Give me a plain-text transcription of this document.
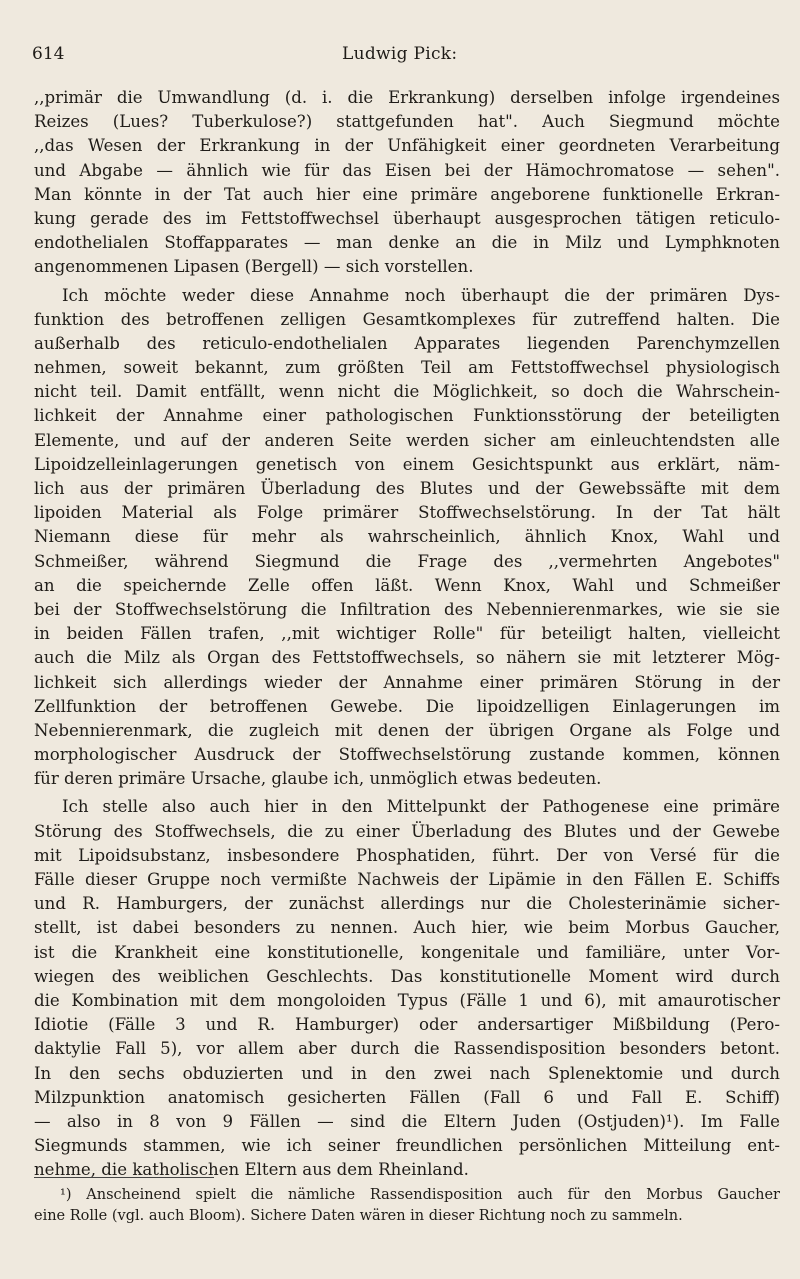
614	Ludwig Pick:
,,primär die Umwandlung (d. i. die Erkrankung) derselben infolge irgendeines
Reizes (Lues? Tuberkulose?) stattgefunden hat". Auch Siegmund möchte
,,das Wesen der Erkrankung in der Unfähigkeit einer geordneten Verarbeitung
und Abgabe — ähnlich wie für das Eisen bei der Hämochromatose — sehen".
Man könnte in der Tat auch hier eine primäre angeborene funktionelle Erkran-
kung gerade des im Fettstoffwechsel überhaupt ausgesprochen tätigen reticulo-
endothelialen Stoffapparates — man denke an die in Milz und Lymphknoten
angenommenen Lipasen (Bergell) — sich vorstellen.
Ich möchte weder diese Annahme noch überhaupt die der primären Dys-
funktion des betroffenen zelligen Gesamtkomplexes für zutreffend halten. Die
außerhalb des reticulo-endothelialen Apparates liegenden Parenchymzellen
nehmen, soweit bekannt, zum größten Teil am Fettstoffwechsel physiologisch
nicht teil. Damit entfällt, wenn nicht die Möglichkeit, so doch die Wahrschein-
lichkeit der Annahme einer pathologischen Funktionsstörung der beteiligten
Elemente, und auf der anderen Seite werden sicher am einleuchtendsten alle
Lipoidzelleinlagerungen genetisch von einem Gesichtspunkt aus erklärt, näm-
lich aus der primären Überladung des Blutes und der Gewebssäfte mit dem
lipoiden Material als Folge primärer Stoffwechselstörung. In der Tat hält
Niemann diese für mehr als wahrscheinlich, ähnlich Knox, Wahl und
Schmeißer, während Siegmund die Frage des ,,vermehrten Angebotes"
an die speichernde Zelle offen läßt. Wenn Knox, Wahl und Schmeißer
bei der Stoffwechselstörung die Infiltration des Nebennierenmarkes, wie sie sie
in beiden Fällen trafen, ,,mit wichtiger Rolle" für beteiligt halten, vielleicht
auch die Milz als Organ des Fettstoffwechsels, so nähern sie mit letzterer Mög-
lichkeit sich allerdings wieder der Annahme einer primären Störung in der
Zellfunktion der betroffenen Gewebe. Die lipoidzelligen Einlagerungen im
Nebennierenmark, die zugleich mit denen der übrigen Organe als Folge und
morphologischer Ausdruck der Stoffwechselstörung zustande kommen, können
für deren primäre Ursache, glaube ich, unmöglich etwas bedeuten.
Ich stelle also auch hier in den Mittelpunkt der Pathogenese eine primäre
Störung des Stoffwechsels, die zu einer Überladung des Blutes und der Gewebe
mit Lipoidsubstanz, insbesondere Phosphatiden, führt. Der von Versé für die
Fälle dieser Gruppe noch vermißte Nachweis der Lipämie in den Fällen E. Schiffs
und R. Hamburgers, der zunächst allerdings nur die Cholesterinämie sicher-
stellt, ist dabei besonders zu nennen. Auch hier, wie beim Morbus Gaucher,
ist die Krankheit eine konstitutionelle, kongenitale und familiäre, unter Vor-
wiegen des weiblichen Geschlechts. Das konstitutionelle Moment wird durch
die Kombination mit dem mongoloiden Typus (Fälle 1 und 6), mit amaurotischer
Idiotie (Fälle 3 und R. Hamburger) oder andersartiger Mißbildung (Pero-
daktylie Fall 5), vor allem aber durch die Rassendisposition besonders betont.
In den sechs obduzierten und in den zwei nach Splenektomie und durch
Milzpunktion anatomisch gesicherten Fällen (Fall 6 und Fall E. Schiff)
— also in 8 von 9 Fällen — sind die Eltern Juden (Ostjuden)¹). Im Falle
Siegmunds stammen, wie ich seiner freundlichen persönlichen Mitteilung ent-
nehme, die katholischen Eltern aus dem Rheinland.
¹) Anscheinend spielt die nämliche Rassendisposition auch für den Morbus Gaucher
eine Rolle (vgl. auch Bloom). Sichere Daten wären in dieser Richtung noch zu sammeln.
